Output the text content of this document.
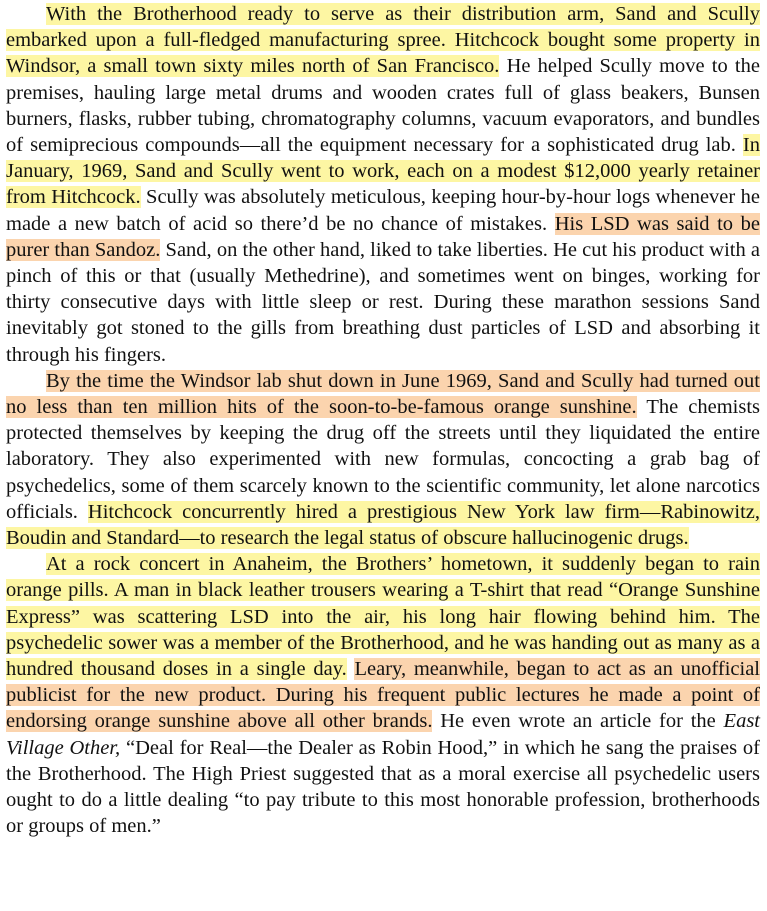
With the Brotherhood ready to serve as their distribution arm, Sand and Scully embarked upon a full-fledged manufacturing spree. Hitchcock bought some property in Windsor, a small town sixty miles north of San Francisco. He helped Scully move to the premises, hauling large metal drums and wooden crates full of glass beakers, Bunsen burners, flasks, rubber tubing, chromatography columns, vacuum evaporators, and bundles of semiprecious compounds—all the equipment necessary for a sophisticated drug lab. In January, 1969, Sand and Scully went to work, each on a modest $12,000 yearly retainer from Hitchcock. Scully was absolutely meticulous, keeping hour-by-hour logs whenever he made a new batch of acid so there’d be no chance of mistakes. His LSD was said to be purer than Sandoz. Sand, on the other hand, liked to take liberties. He cut his product with a pinch of this or that (usually Methedrine), and sometimes went on binges, working for thirty consecutive days with little sleep or rest. During these marathon sessions Sand inevitably got stoned to the gills from breathing dust particles of LSD and absorbing it through his fingers.

By the time the Windsor lab shut down in June 1969, Sand and Scully had turned out no less than ten million hits of the soon-to-be-famous orange sunshine. The chemists protected themselves by keeping the drug off the streets until they liquidated the entire laboratory. They also experimented with new formulas, concocting a grab bag of psychedelics, some of them scarcely known to the scientific community, let alone narcotics officials. Hitchcock concurrently hired a prestigious New York law firm—Rabinowitz, Boudin and Standard—to research the legal status of obscure hallucinogenic drugs.

At a rock concert in Anaheim, the Brothers’ hometown, it suddenly began to rain orange pills. A man in black leather trousers wearing a T-shirt that read “Orange Sunshine Express” was scattering LSD into the air, his long hair flowing behind him. The psychedelic sower was a member of the Brotherhood, and he was handing out as many as a hundred thousand doses in a single day. Leary, meanwhile, began to act as an unofficial publicist for the new product. During his frequent public lectures he made a point of endorsing orange sunshine above all other brands. He even wrote an article for the East Village Other, “Deal for Real—the Dealer as Robin Hood,” in which he sang the praises of the Brotherhood. The High Priest suggested that as a moral exercise all psychedelic users ought to do a little dealing “to pay tribute to this most honorable profession, brotherhoods or groups of men.”
